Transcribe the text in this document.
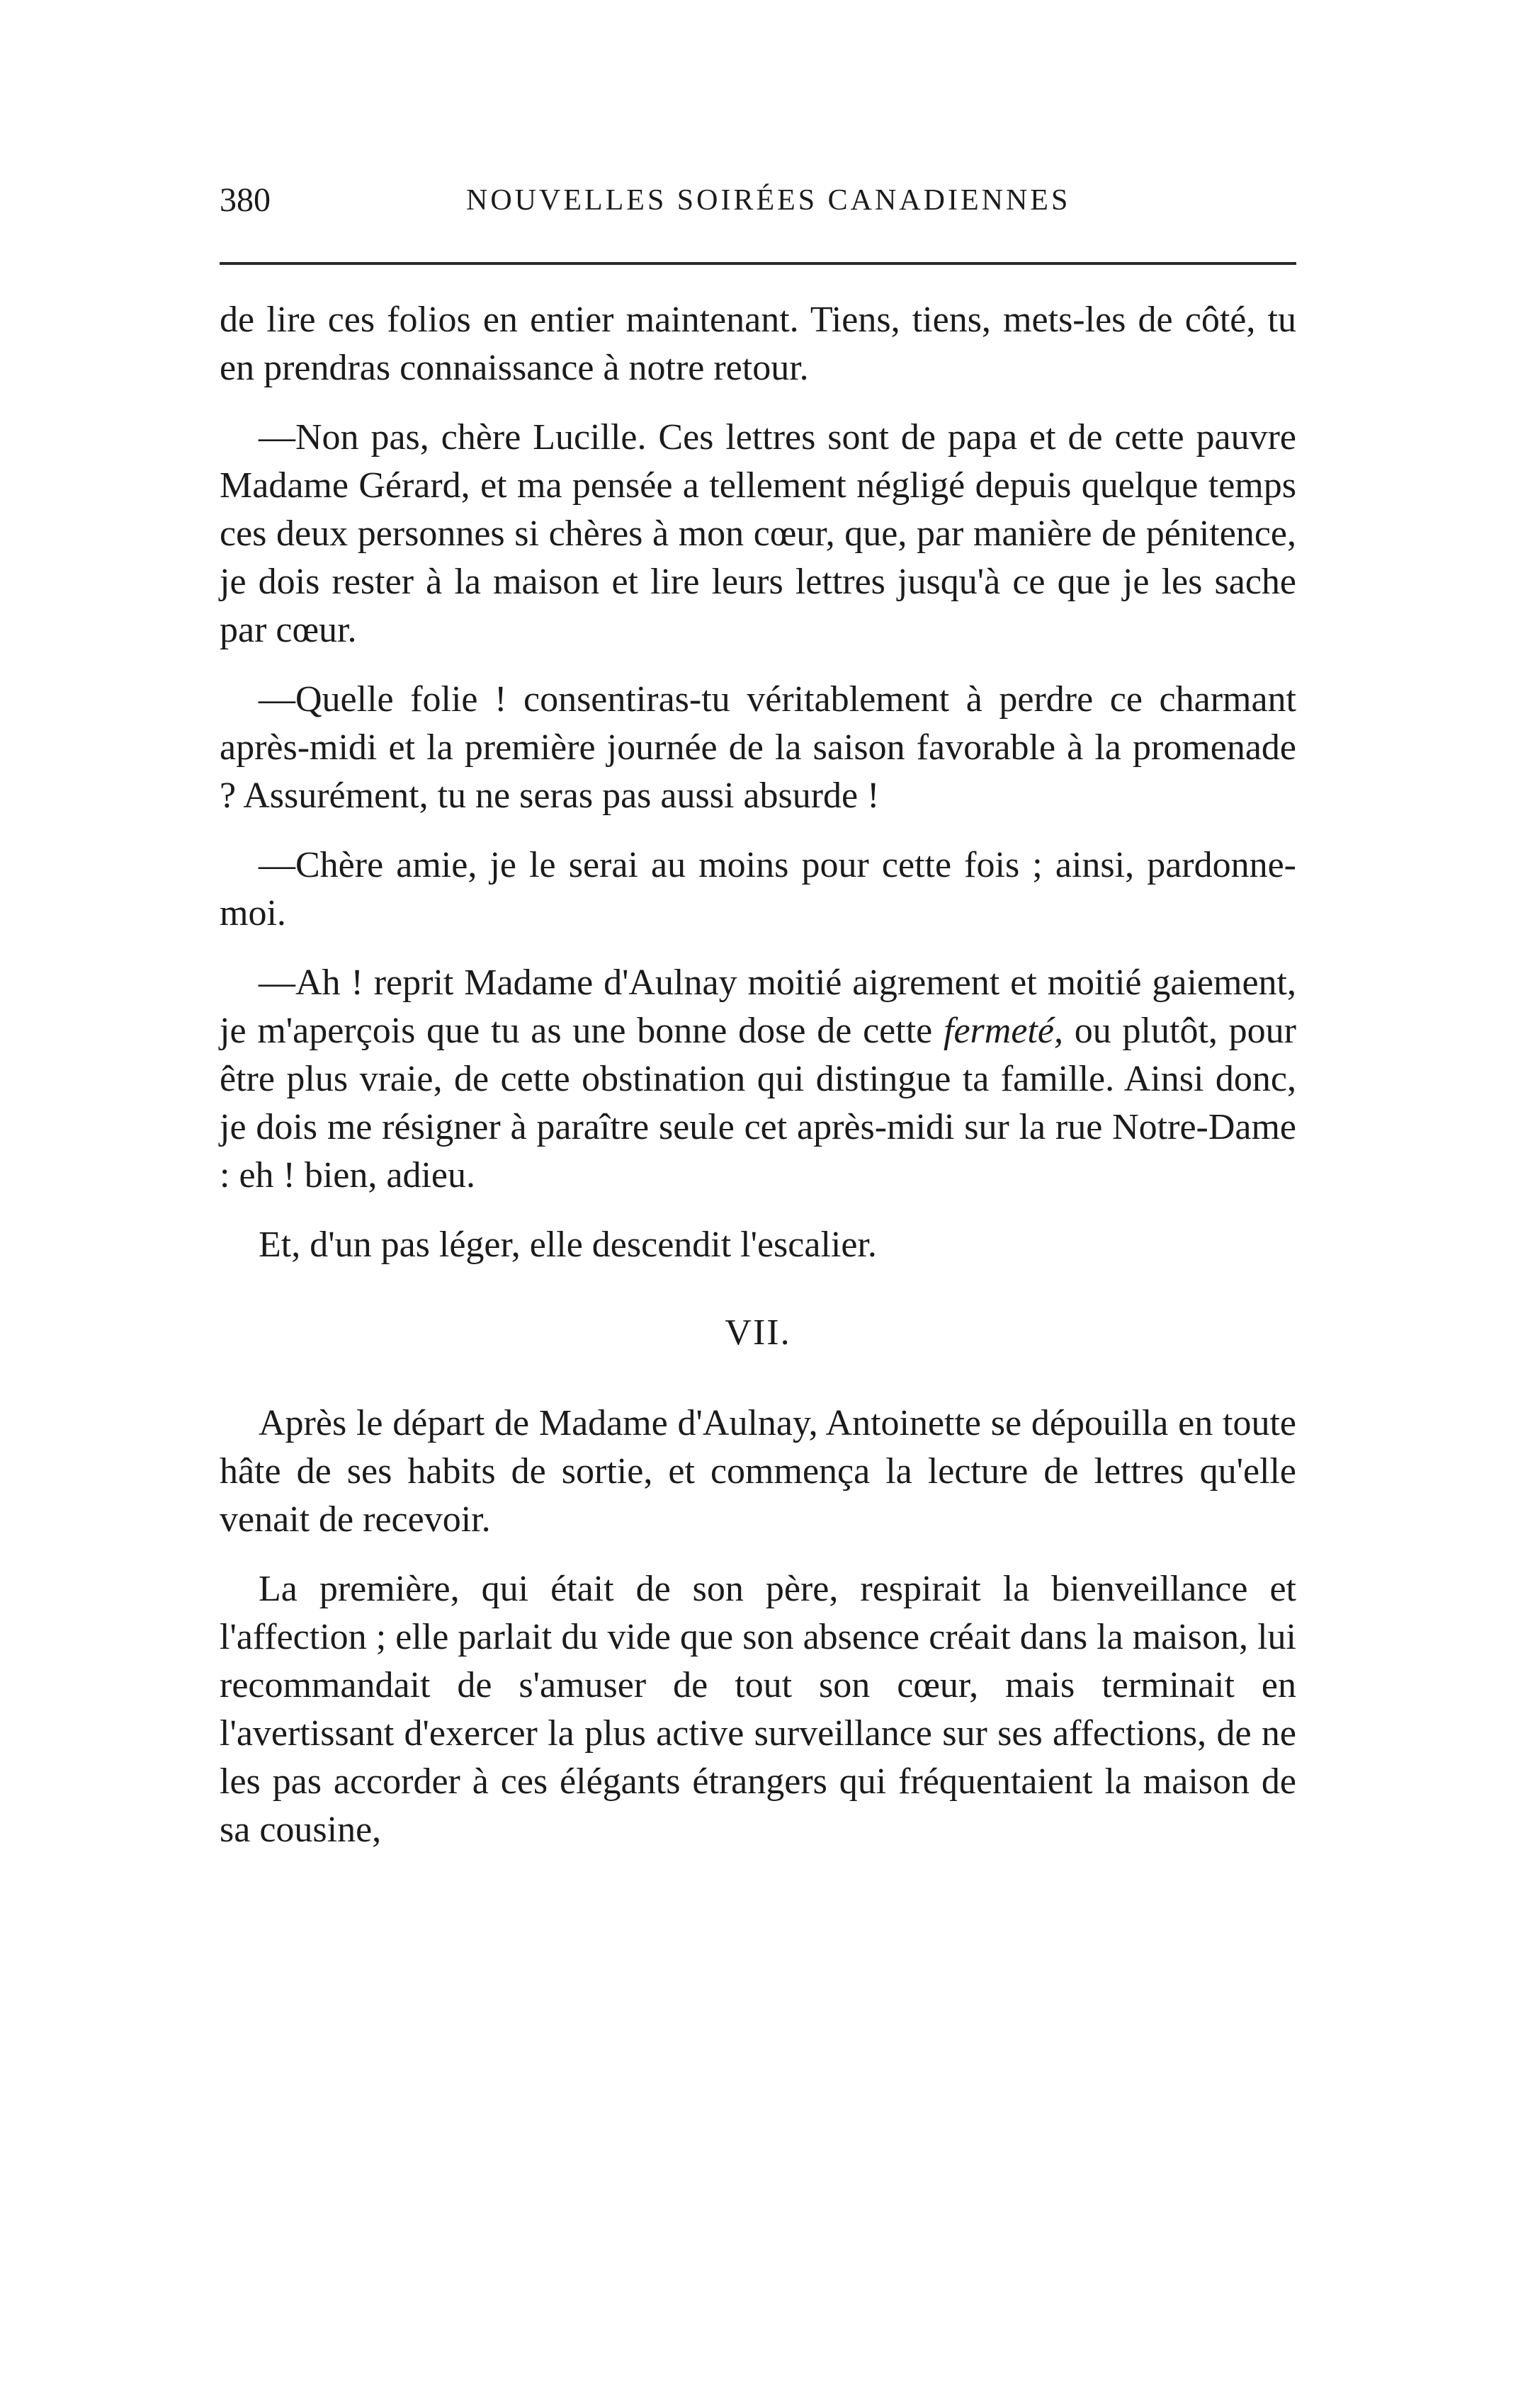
380	NOUVELLES SOIRÉES CANADIENNES

de lire ces folios en entier maintenant. Tiens, tiens, mets-les de côté, tu en prendras connaissance à notre retour.

—Non pas, chère Lucille. Ces lettres sont de papa et de cette pauvre Madame Gérard, et ma pensée a tellement négligé depuis quelque temps ces deux personnes si chères à mon cœur, que, par manière de pénitence, je dois rester à la maison et lire leurs lettres jusqu'à ce que je les sache par cœur.

—Quelle folie ! consentiras-tu véritablement à perdre ce charmant après-midi et la première journée de la saison favorable à la promenade ? Assurément, tu ne seras pas aussi absurde !

—Chère amie, je le serai au moins pour cette fois ; ainsi, pardonne-moi.

—Ah ! reprit Madame d'Aulnay moitié aigrement et moitié gaiement, je m'aperçois que tu as une bonne dose de cette fermeté, ou plutôt, pour être plus vraie, de cette obstination qui distingue ta famille. Ainsi donc, je dois me résigner à paraître seule cet après-midi sur la rue Notre-Dame : eh ! bien, adieu.

Et, d'un pas léger, elle descendit l'escalier.

VII.

Après le départ de Madame d'Aulnay, Antoinette se dépouilla en toute hâte de ses habits de sortie, et commença la lecture de lettres qu'elle venait de recevoir.

La première, qui était de son père, respirait la bienveillance et l'affection ; elle parlait du vide que son absence créait dans la maison, lui recommandait de s'amuser de tout son cœur, mais terminait en l'avertissant d'exercer la plus active surveillance sur ses affections, de ne les pas accorder à ces élégants étrangers qui fréquentaient la maison de sa cousine,
